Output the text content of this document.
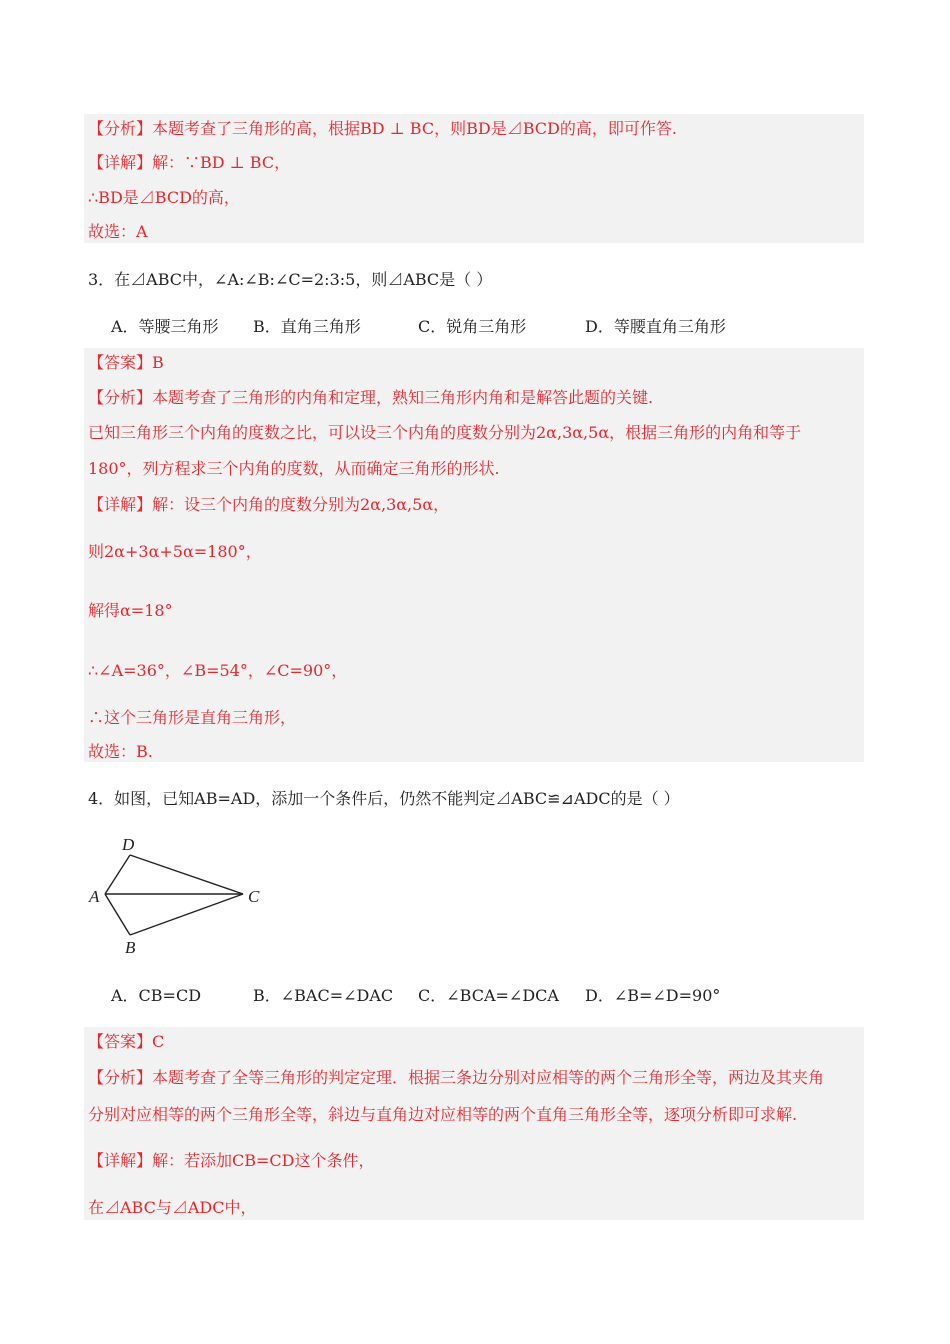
【分析】本题考查了三角形的高，根据BD ⊥ BC，则BD是⊿BCD的高，即可作答.
【详解】解：∵BD ⊥ BC，
∴BD是⊿BCD的高，
故选：A
3．在⊿ABC中，∠A:∠B:∠C=2:3:5，则⊿ABC是（ ）
A．等腰三角形 B．直角三角形	C．锐角三角形	D．等腰直角三角形
【答案】B
【分析】本题考查了三角形的内角和定理，熟知三角形内角和是解答此题的关键.
已知三角形三个内角的度数之比，可以设三个内角的度数分别为2α,3α,5α，根据三角形的内角和等于
180°，列方程求三个内角的度数，从而确定三角形的形状.
【详解】解：设三个内角的度数分别为2α,3α,5α，
则2α+3α+5α=180°，
解得α=18°
∴∠A=36°，∠B=54°，∠C=90°，
∴这个三角形是直角三角形，
故选：B.
4．如图，已知AB=AD，添加一个条件后，仍然不能判定⊿ABC≌⊿ADC的是（ ）
D
A	C
B
A．CB=CD	B．∠BAC=∠DAC C．∠BCA=∠DCA D．∠B=∠D=90°
【答案】C
【分析】本题考查了全等三角形的判定定理．根据三条边分别对应相等的两个三角形全等，两边及其夹角
分别对应相等的两个三角形全等，斜边与直角边对应相等的两个直角三角形全等，逐项分析即可求解.
【详解】解：若添加CB=CD这个条件，
在⊿ABC与⊿ADC中，
